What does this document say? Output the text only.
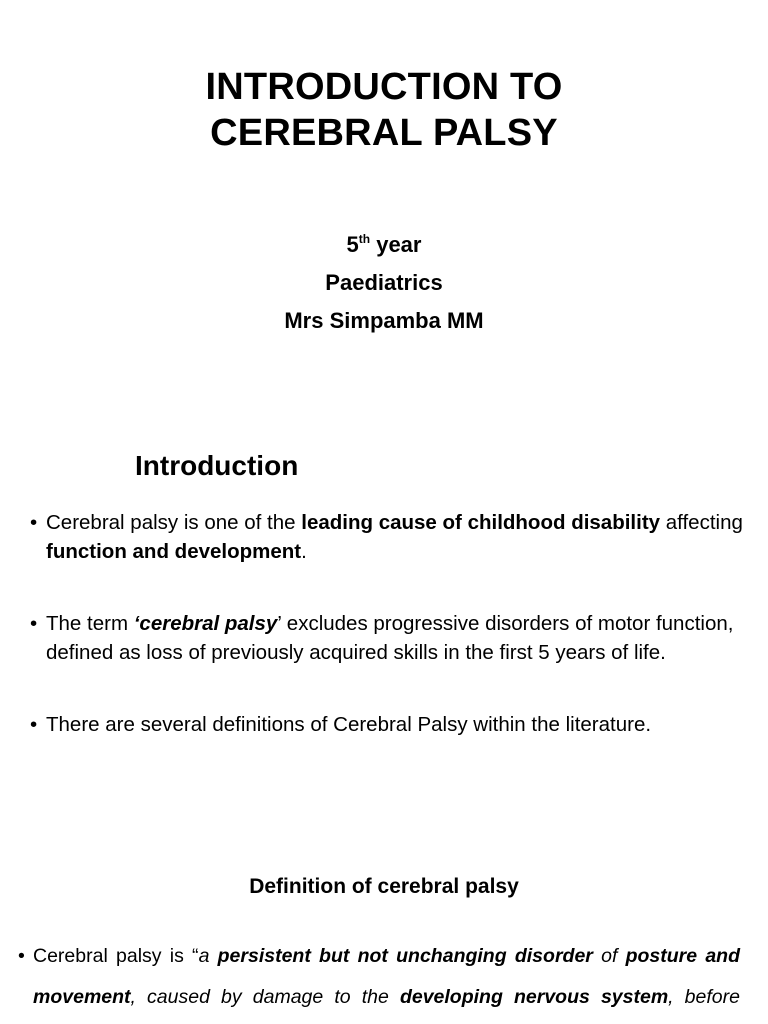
INTRODUCTION TO
CEREBRAL PALSY
5th year
Paediatrics
Mrs Simpamba MM
Introduction
• Cerebral palsy is one of the leading cause of childhood disability affecting function and development.
• The term ‘cerebral palsy’ excludes progressive disorders of motor function, defined as loss of previously acquired skills in the first 5 years of life.
• There are several definitions of Cerebral Palsy within the literature.
Definition of cerebral palsy
• Cerebral palsy is “a persistent but not unchanging disorder of posture and movement, caused by damage to the developing nervous system, before
